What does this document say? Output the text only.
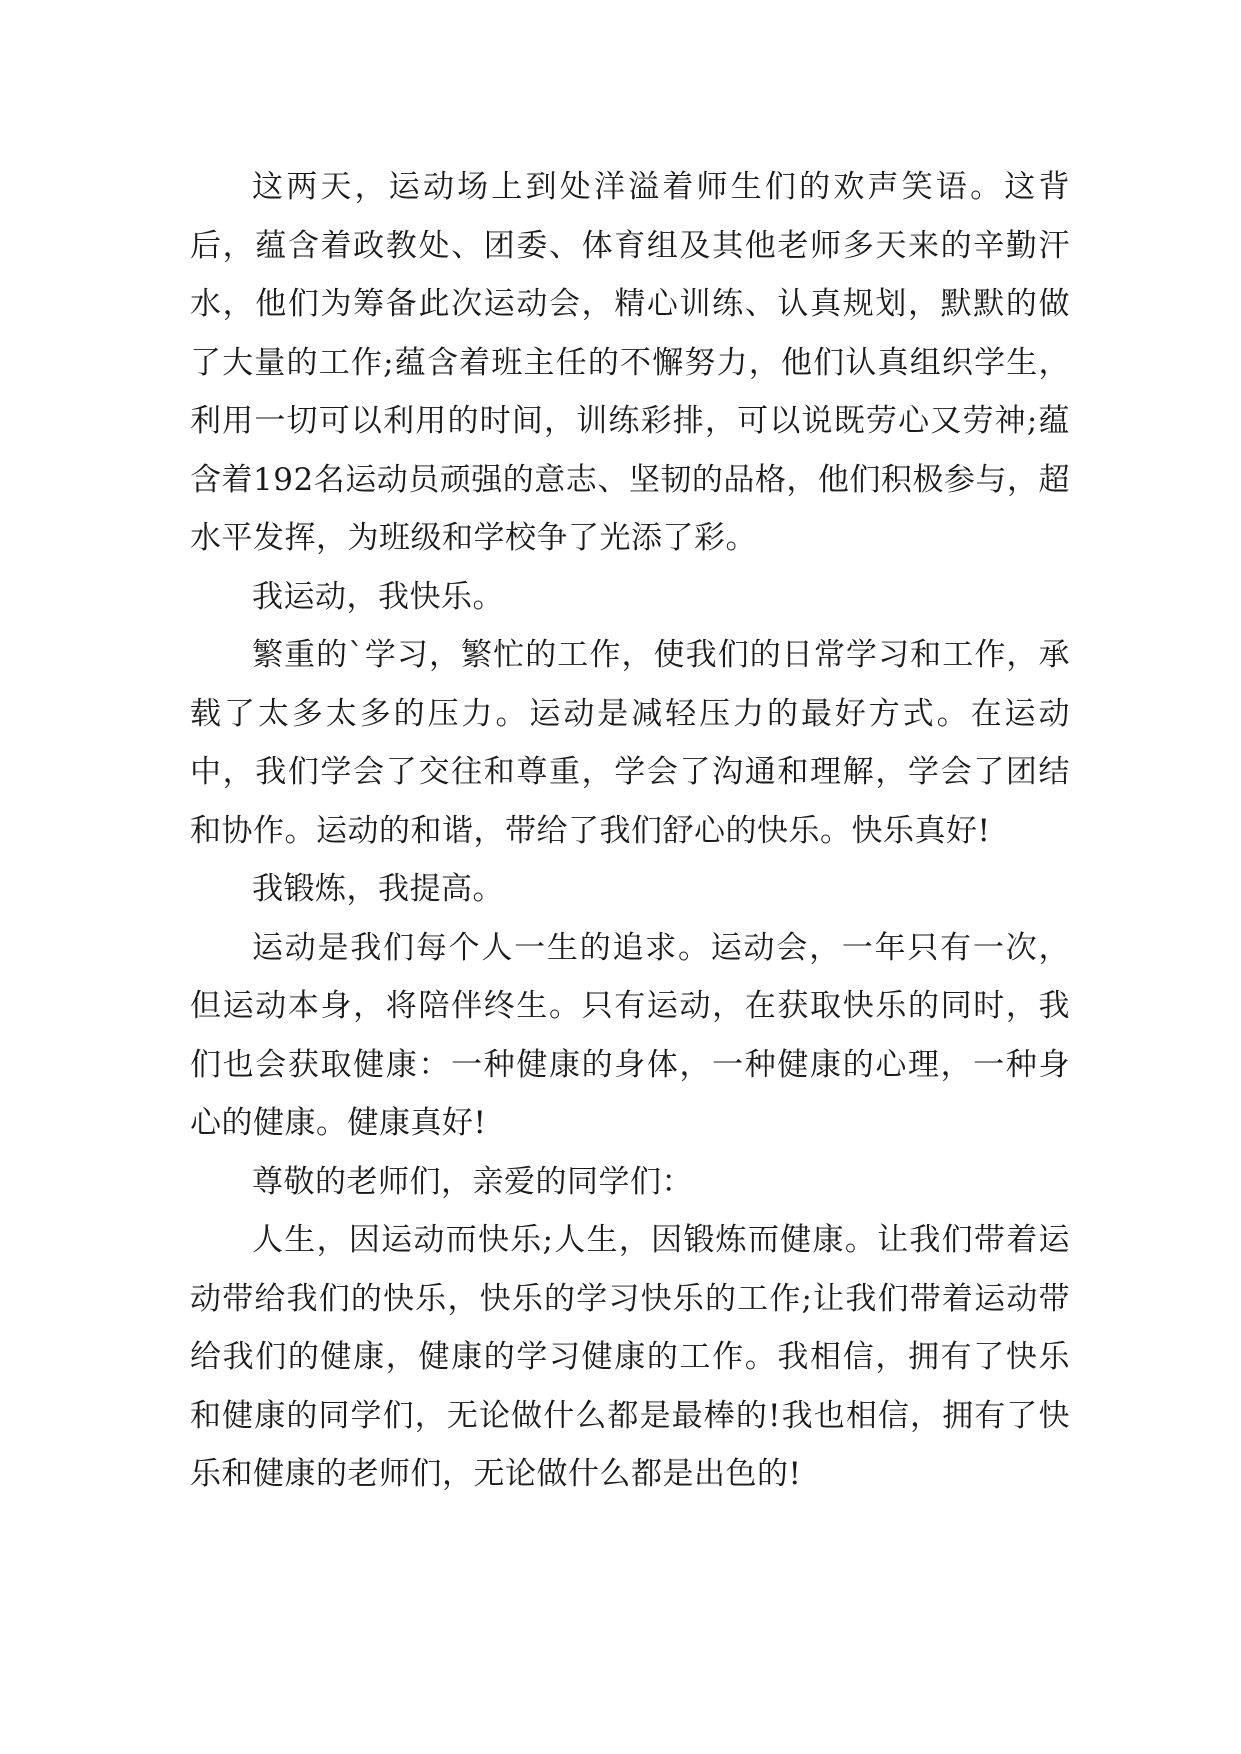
这两天，运动场上到处洋溢着师生们的欢声笑语。这背后，蕴含着政教处、团委、体育组及其他老师多天来的辛勤汗水，他们为筹备此次运动会，精心训练、认真规划，默默的做了大量的工作;蕴含着班主任的不懈努力，他们认真组织学生，利用一切可以利用的时间，训练彩排，可以说既劳心又劳神;蕴含着192名运动员顽强的意志、坚韧的品格，他们积极参与，超水平发挥，为班级和学校争了光添了彩。

我运动，我快乐。

繁重的`学习，繁忙的工作，使我们的日常学习和工作，承载了太多太多的压力。运动是减轻压力的最好方式。在运动中，我们学会了交往和尊重，学会了沟通和理解，学会了团结和协作。运动的和谐，带给了我们舒心的快乐。快乐真好!

我锻炼，我提高。

运动是我们每个人一生的追求。运动会，一年只有一次，但运动本身，将陪伴终生。只有运动，在获取快乐的同时，我们也会获取健康：一种健康的身体，一种健康的心理，一种身心的健康。健康真好!

尊敬的老师们，亲爱的同学们：

人生，因运动而快乐;人生，因锻炼而健康。让我们带着运动带给我们的快乐，快乐的学习快乐的工作;让我们带着运动带给我们的健康，健康的学习健康的工作。我相信，拥有了快乐和健康的同学们，无论做什么都是最棒的!我也相信，拥有了快乐和健康的老师们，无论做什么都是出色的!
